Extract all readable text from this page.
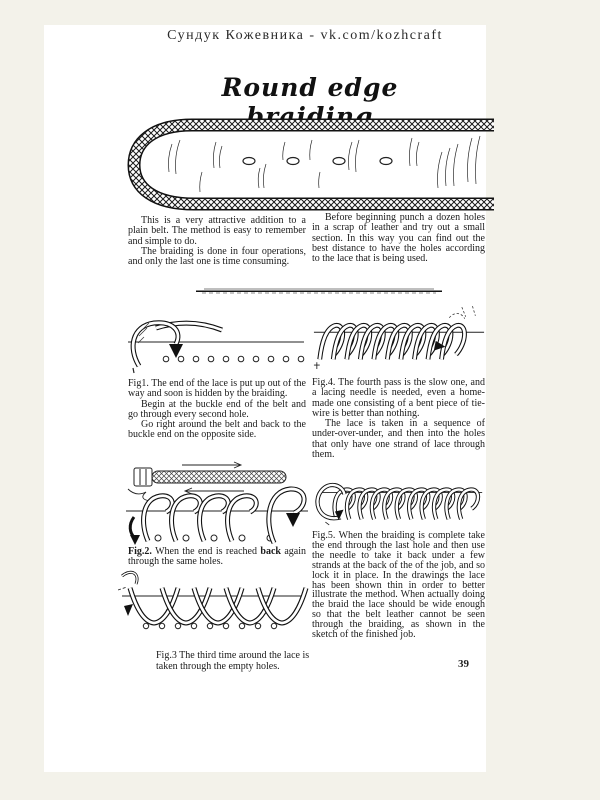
Сундук Кожевника - vk.com/kozhcraft
Round edge braiding

This is a very attractive addition to a plain belt. The method is easy to remember and simple to do.

The braiding is done in four operations, and only the last one is time consuming.

Before beginning punch a dozen holes in a scrap of leather and try out a small section. In this way you can find out the best distance to have the holes according to the lace that is being used.

Fig1. The end of the lace is put up out of the way and soon is hidden by the braiding.

Begin at the buckle end of the belt and go through every second hole.

Go right around the belt and back to the buckle end on the opposite side.

Fig.4. The fourth pass is the slow one, and a lacing needle is needed, even a home-made one consisting of a bent piece of tie-wire is better than nothing.

The lace is taken in a sequence of under-over-under, and then into the holes that only have one strand of lace through them.

Fig.2. When the end is reached back again through the same holes.

Fig.3 The third time around the lace is taken through the empty holes.

Fig.5. When the braiding is complete take the end through the last hole and then use the needle to take it back under a few strands at the back of the of the job, and so lock it in place. In the drawings the lace has been shown thin in order to better illustrate the method. When actually doing the braid the lace should be wide enough so that the belt leather cannot be seen through the braiding, as shown in the sketch of the finished job.

39
